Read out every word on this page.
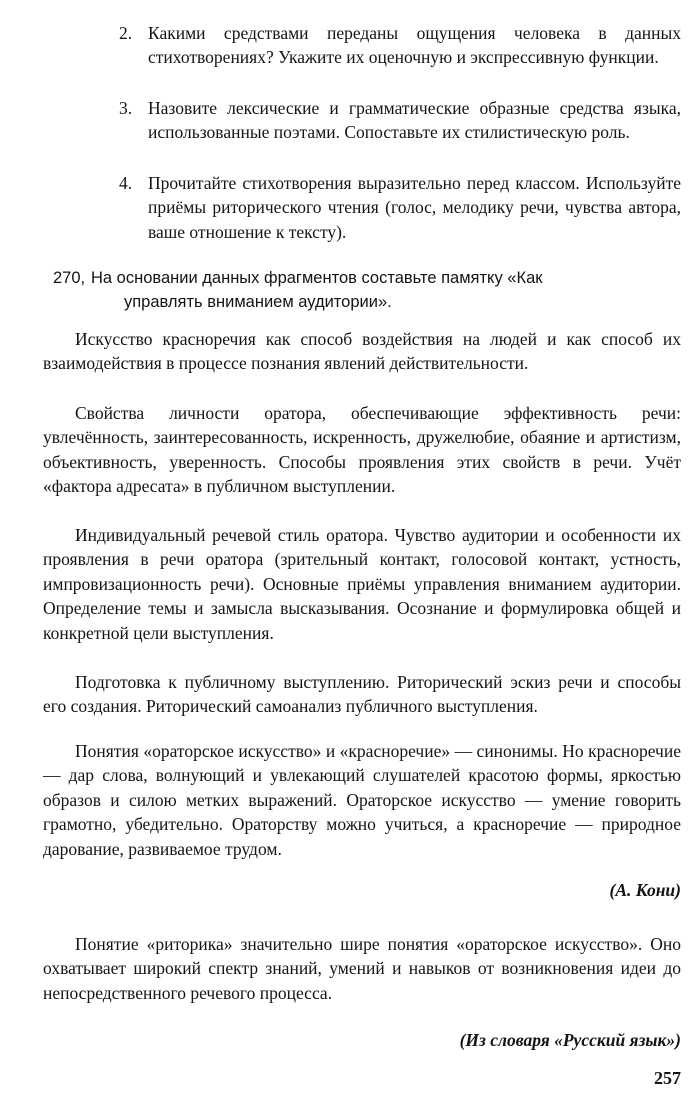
2. Какими средствами переданы ощущения человека в данных стихотворениях? Укажите их оценочную и экспрессивную функции.
3. Назовите лексические и грамматические образные средства языка, использованные поэтами. Сопоставьте их стилистическую роль.
4. Прочитайте стихотворения выразительно перед классом. Используйте приёмы риторического чтения (голос, мелодику речи, чувства автора, ваше отношение к тексту).
270, На основании данных фрагментов составьте памятку «Как
управлять вниманием аудитории».
Искусство красноречия как способ воздействия на людей и как способ их взаимодействия в процессе познания явлений действительности.
Свойства личности оратора, обеспечивающие эффективность речи: увлечённость, заинтересованность, искренность, дружелюбие, обаяние и артистизм, объективность, уверенность. Способы проявления этих свойств в речи. Учёт «фактора адресата» в публичном выступлении.
Индивидуальный речевой стиль оратора. Чувство аудитории и особенности их проявления в речи оратора (зрительный контакт, голосовой контакт, устность, импровизационность речи). Основные приёмы управления вниманием аудитории. Определение темы и замысла высказывания. Осознание и формулировка общей и конкретной цели выступления.
Подготовка к публичному выступлению. Риторический эскиз речи и способы его создания. Риторический самоанализ публичного выступления.
Понятия «ораторское искусство» и «красноречие» — синонимы. Но красноречие — дар слова, волнующий и увлекающий слушателей красотою формы, яркостью образов и силою метких выражений. Ораторское искусство — умение говорить грамотно, убедительно. Ораторству можно учиться, а красноречие — природное дарование, развиваемое трудом.
(А. Кони)
Понятие «риторика» значительно шире понятия «ораторское искусство». Оно охватывает широкий спектр знаний, умений и навыков от возникновения идеи до непосредственного речевого процесса.
(Из словаря «Русский язык»)
257
